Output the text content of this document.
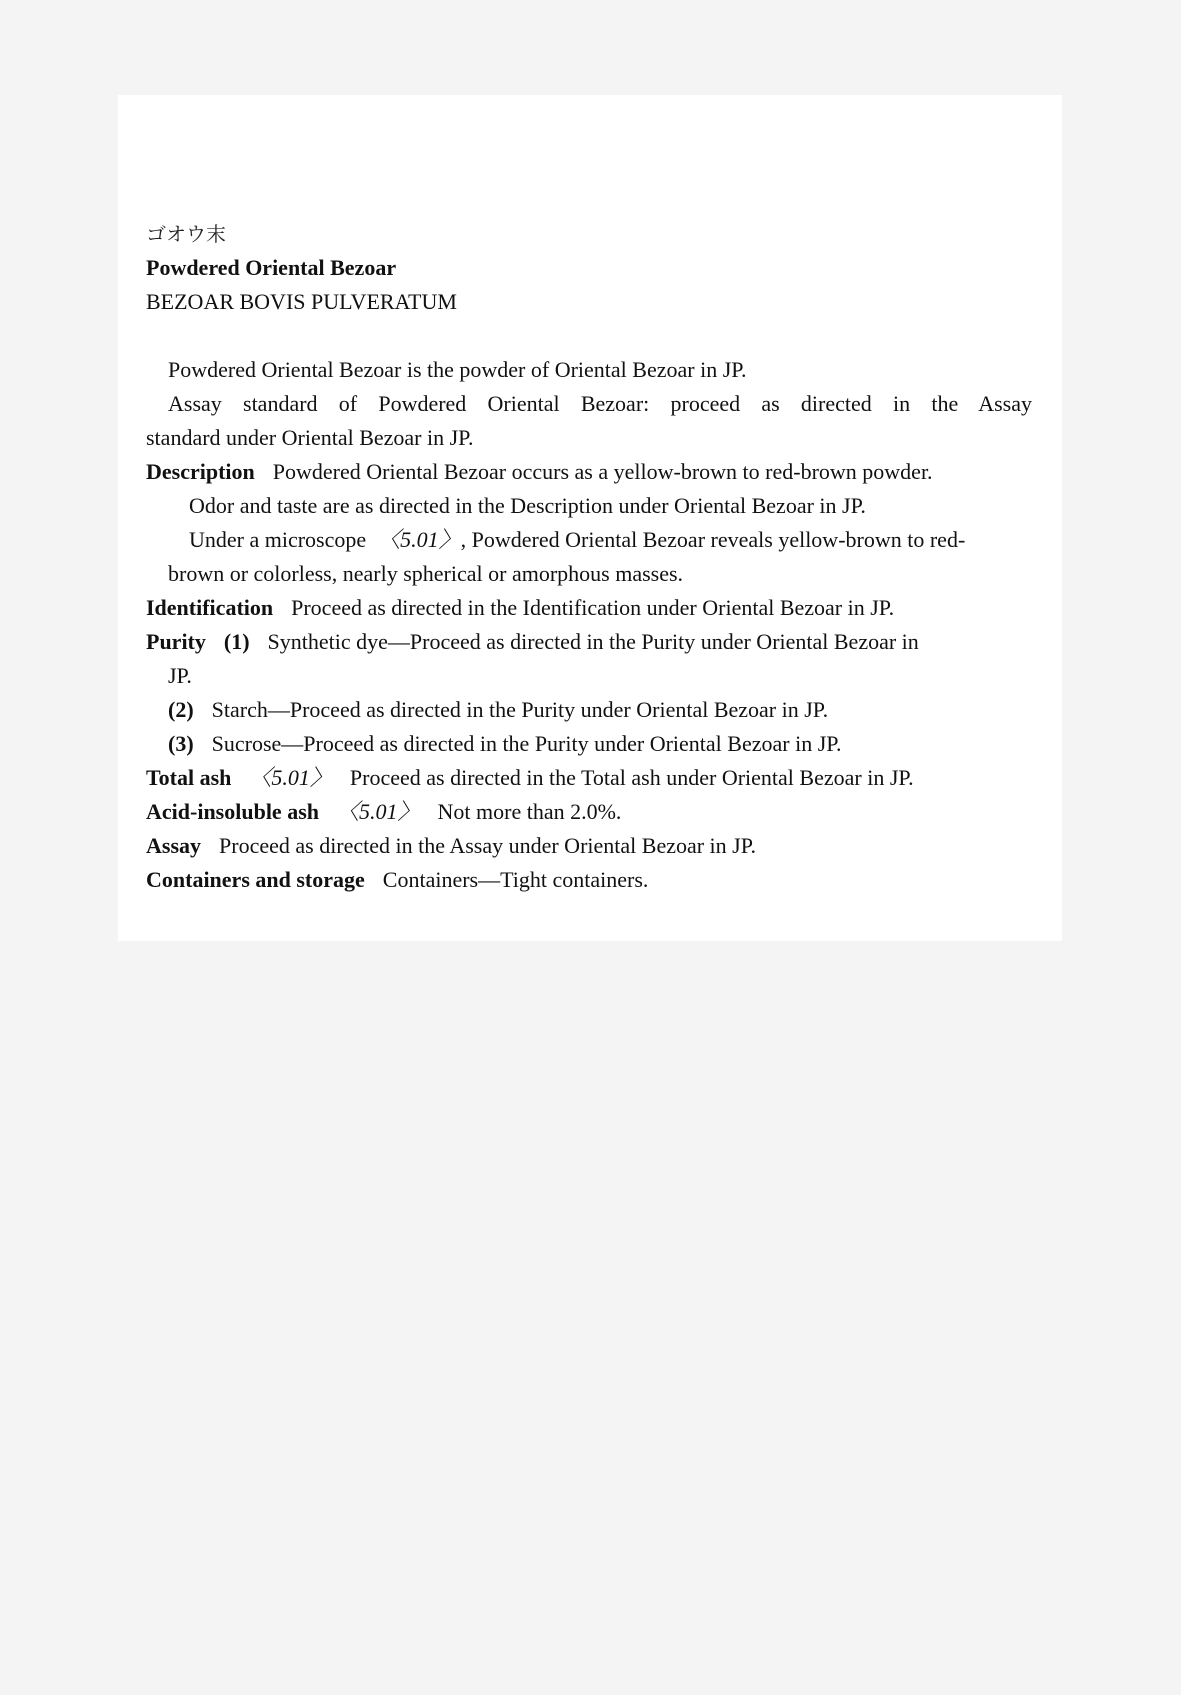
ゴオウ末
Powdered Oriental Bezoar
BEZOAR BOVIS PULVERATUM
Powdered Oriental Bezoar is the powder of Oriental Bezoar in JP.
Assay standard of Powdered Oriental Bezoar: proceed as directed in the Assay
standard under Oriental Bezoar in JP.
Description Powdered Oriental Bezoar occurs as a yellow-brown to red-brown powder.
Odor and taste are as directed in the Description under Oriental Bezoar in JP.
Under a microscope 〈5.01〉, Powdered Oriental Bezoar reveals yellow-brown to red-
brown or colorless, nearly spherical or amorphous masses.
Identification Proceed as directed in the Identification under Oriental Bezoar in JP.
Purity (1) Synthetic dye—Proceed as directed in the Purity under Oriental Bezoar in
JP.
(2) Starch—Proceed as directed in the Purity under Oriental Bezoar in JP.
(3) Sucrose—Proceed as directed in the Purity under Oriental Bezoar in JP.
Total ash 〈5.01〉 Proceed as directed in the Total ash under Oriental Bezoar in JP.
Acid-insoluble ash 〈5.01〉 Not more than 2.0%.
Assay Proceed as directed in the Assay under Oriental Bezoar in JP.
Containers and storage Containers—Tight containers.
